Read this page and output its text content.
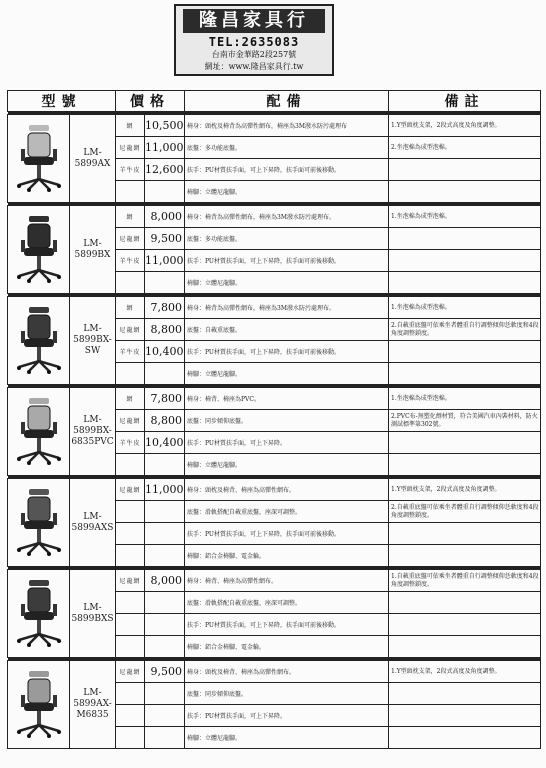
隆昌家具行
TEL:2635083
台南市金華路2段257號
網址：www.隆昌家具行.tw
型號		價格		配備	備註

	LM-5899AX	網	10,500	椅身：頭枕及椅背為高彈性網布，椅座為3M潑水防污處理布	1.Y型頭枕支架，2段式高度及角度調整。
		尼龍網	11,000	底盤：多功能底盤。	2.坐泡棉為成型泡棉。
		羊牛皮	12,600	扶手：PU材質扶手面，可上下昇降，扶手面可前後移動。	
				椅腳：立體尼龍腳。	

	LM-5899BX	網	8,000	椅身：椅背為高彈性網布，椅座為3M潑水防污處理布。	1.坐泡棉為成型泡棉。
		尼龍網	9,500	底盤：多功能底盤。	
		羊牛皮	11,000	扶手：PU材質扶手面，可上下昇降，扶手面可前後移動。	
				椅腳：立體尼龍腳。	

	LM-5899BX-SW	網	7,800	椅身：椅背為高彈性網布，椅座為3M潑水防污處理布。	1.坐泡棉為成型泡棉。
		尼龍網	8,800	底盤：自載重底盤。	2.自載重底盤可依乘坐者體重自行調整傾仰恁軟度和4段角度調整鎖度。
		羊牛皮	10,400	扶手：PU材質扶手面，可上下昇降，扶手面可前後移動。	
				椅腳：立體尼龍腳。	

	LM-5899BX-6835PVC	網	7,800	椅身：椅背、椅座為PVC。	1.坐泡棉為成型泡棉。
		尼龍網	8,800	底盤：同步傾仰底盤。	2.PVC布-無塑化劑材質，符合美國汽車內裝材料，防火測試標準第302號。
		羊牛皮	10,400	扶手：PU材質扶手面，可上下昇降。	
				椅腳：立體尼龍腳。	

	LM-5899AXS	尼龍網	11,000	椅身：頭枕及椅背、椅座為高彈性網布。	1.Y型頭枕支架，2段式高度及角度調整。
				底盤：滑軌搭配自載重底盤，座深可調整。	2.自載重底盤可依乘坐者體重自行調整傾仰恁軟度和4段角度調整鎖度。
				扶手：PU材質扶手面，可上下昇降，扶手面可前後移動。	
				椅腳：鋁合金椅腳、電金輪。	

	LM-5899BXS	尼龍網	8,000	椅身：椅背、椅座為高彈性網布。	1.自載重底盤可依乘坐者體重自行調整傾仰恁軟度和4段角度調整鎖度。
				底盤：滑軌搭配自載重底盤，座深可調整。	
				扶手：PU材質扶手面，可上下昇降，扶手面可前後移動。	
				椅腳：鋁合金椅腳、電金輪。	

	LM-5899AX-M6835	尼龍網	9,500	椅身：頭枕及椅背、椅座為高彈性網布。	1.Y型頭枕支架，2段式高度及角度調整。
				底盤：同步傾仰底盤。	
				扶手：PU材質扶手面，可上下昇降。	
				椅腳：立體尼龍腳。	
